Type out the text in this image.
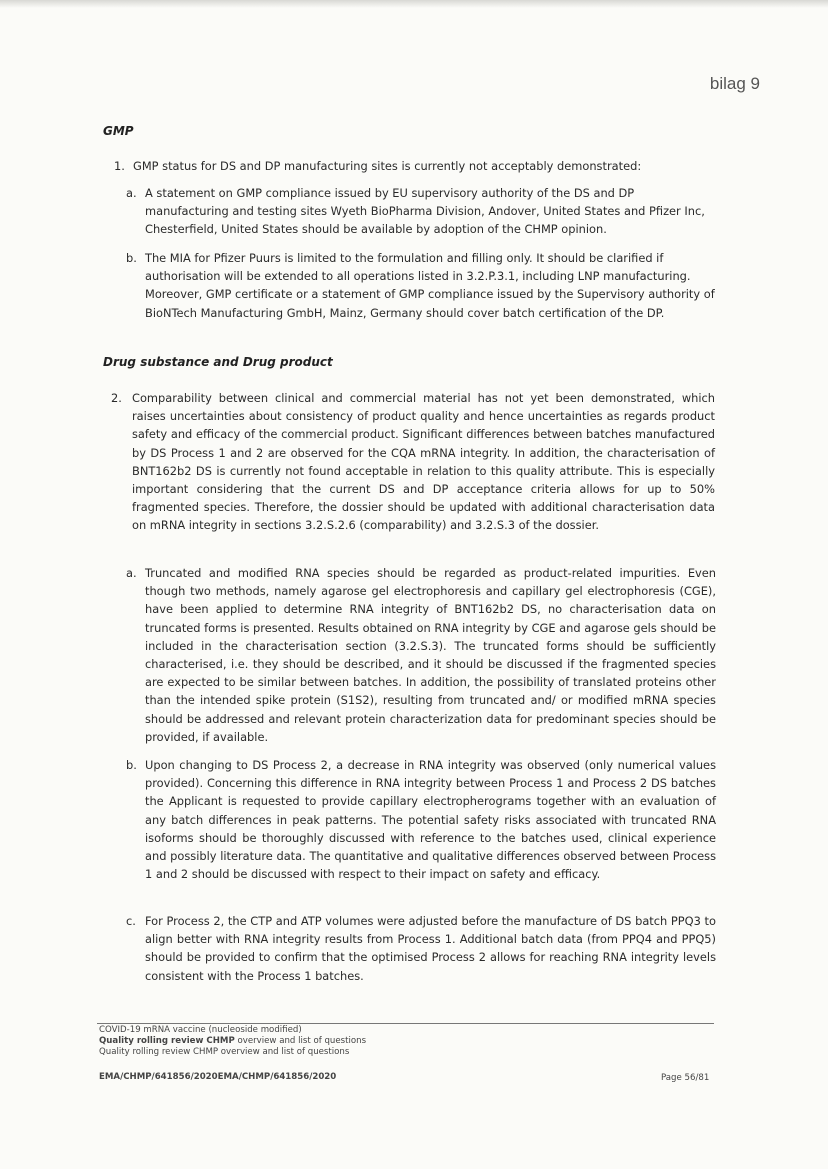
bilag 9
GMP
1. GMP status for DS and DP manufacturing sites is currently not acceptably demonstrated:
a. A statement on GMP compliance issued by EU supervisory authority of the DS and DP manufacturing and testing sites Wyeth BioPharma Division, Andover, United States and Pfizer Inc, Chesterfield, United States should be available by adoption of the CHMP opinion.
b. The MIA for Pfizer Puurs is limited to the formulation and filling only. It should be clarified if authorisation will be extended to all operations listed in 3.2.P.3.1, including LNP manufacturing. Moreover, GMP certificate or a statement of GMP compliance issued by the Supervisory authority of BioNTech Manufacturing GmbH, Mainz, Germany should cover batch certification of the DP.
Drug substance and Drug product
2. Comparability between clinical and commercial material has not yet been demonstrated, which raises uncertainties about consistency of product quality and hence uncertainties as regards product safety and efficacy of the commercial product. Significant differences between batches manufactured by DS Process 1 and 2 are observed for the CQA mRNA integrity. In addition, the characterisation of BNT162b2 DS is currently not found acceptable in relation to this quality attribute. This is especially important considering that the current DS and DP acceptance criteria allows for up to 50% fragmented species. Therefore, the dossier should be updated with additional characterisation data on mRNA integrity in sections 3.2.S.2.6 (comparability) and 3.2.S.3 of the dossier.
a. Truncated and modified RNA species should be regarded as product-related impurities. Even though two methods, namely agarose gel electrophoresis and capillary gel electrophoresis (CGE), have been applied to determine RNA integrity of BNT162b2 DS, no characterisation data on truncated forms is presented. Results obtained on RNA integrity by CGE and agarose gels should be included in the characterisation section (3.2.S.3). The truncated forms should be sufficiently characterised, i.e. they should be described, and it should be discussed if the fragmented species are expected to be similar between batches. In addition, the possibility of translated proteins other than the intended spike protein (S1S2), resulting from truncated and/ or modified mRNA species should be addressed and relevant protein characterization data for predominant species should be provided, if available.
b. Upon changing to DS Process 2, a decrease in RNA integrity was observed (only numerical values provided). Concerning this difference in RNA integrity between Process 1 and Process 2 DS batches the Applicant is requested to provide capillary electropherograms together with an evaluation of any batch differences in peak patterns. The potential safety risks associated with truncated RNA isoforms should be thoroughly discussed with reference to the batches used, clinical experience and possibly literature data. The quantitative and qualitative differences observed between Process 1 and 2 should be discussed with respect to their impact on safety and efficacy.
c. For Process 2, the CTP and ATP volumes were adjusted before the manufacture of DS batch PPQ3 to align better with RNA integrity results from Process 1. Additional batch data (from PPQ4 and PPQ5) should be provided to confirm that the optimised Process 2 allows for reaching RNA integrity levels consistent with the Process 1 batches.
COVID-19 mRNA vaccine (nucleoside modified)
Quality rolling review CHMP overview and list of questions
Quality rolling review CHMP overview and list of questions
EMA/CHMP/641856/2020EMA/CHMP/641856/2020	Page 56/81
